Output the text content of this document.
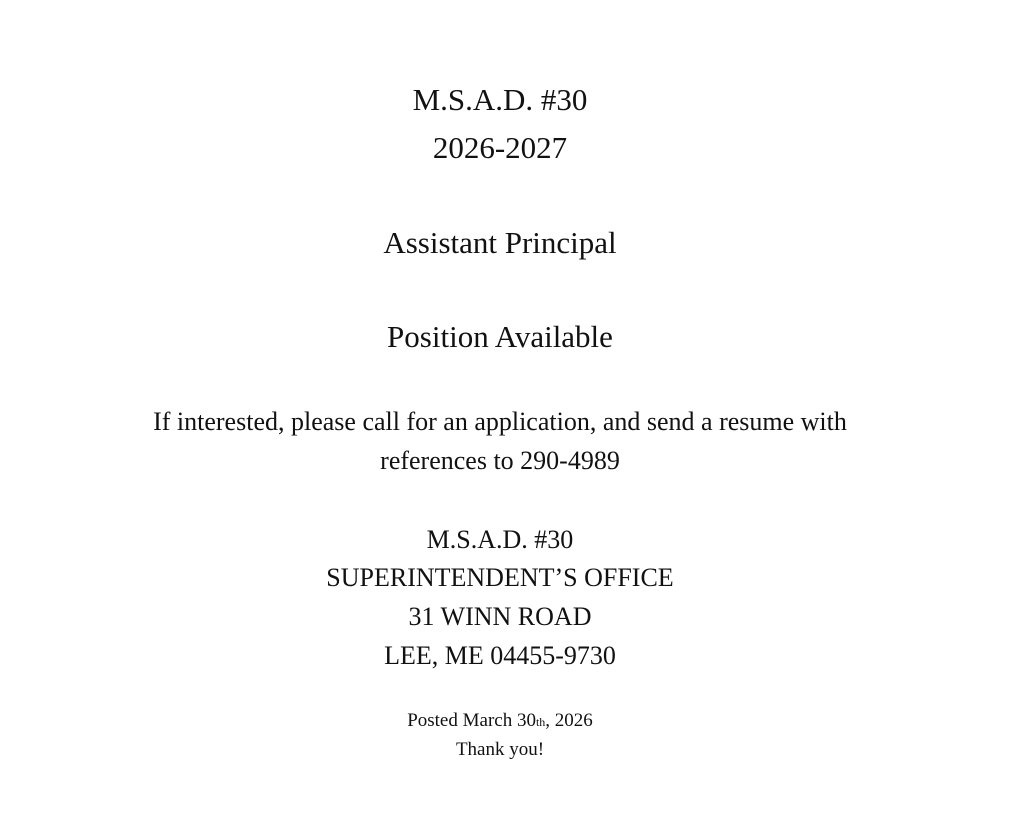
M.S.A.D. #30
2026-2027
Assistant Principal
Position Available
If interested, please call for an application, and send a resume with
references to 290-4989
M.S.A.D. #30
SUPERINTENDENT’S OFFICE
31 WINN ROAD
LEE, ME 04455-9730
Posted March 30th, 2026
Thank you!
